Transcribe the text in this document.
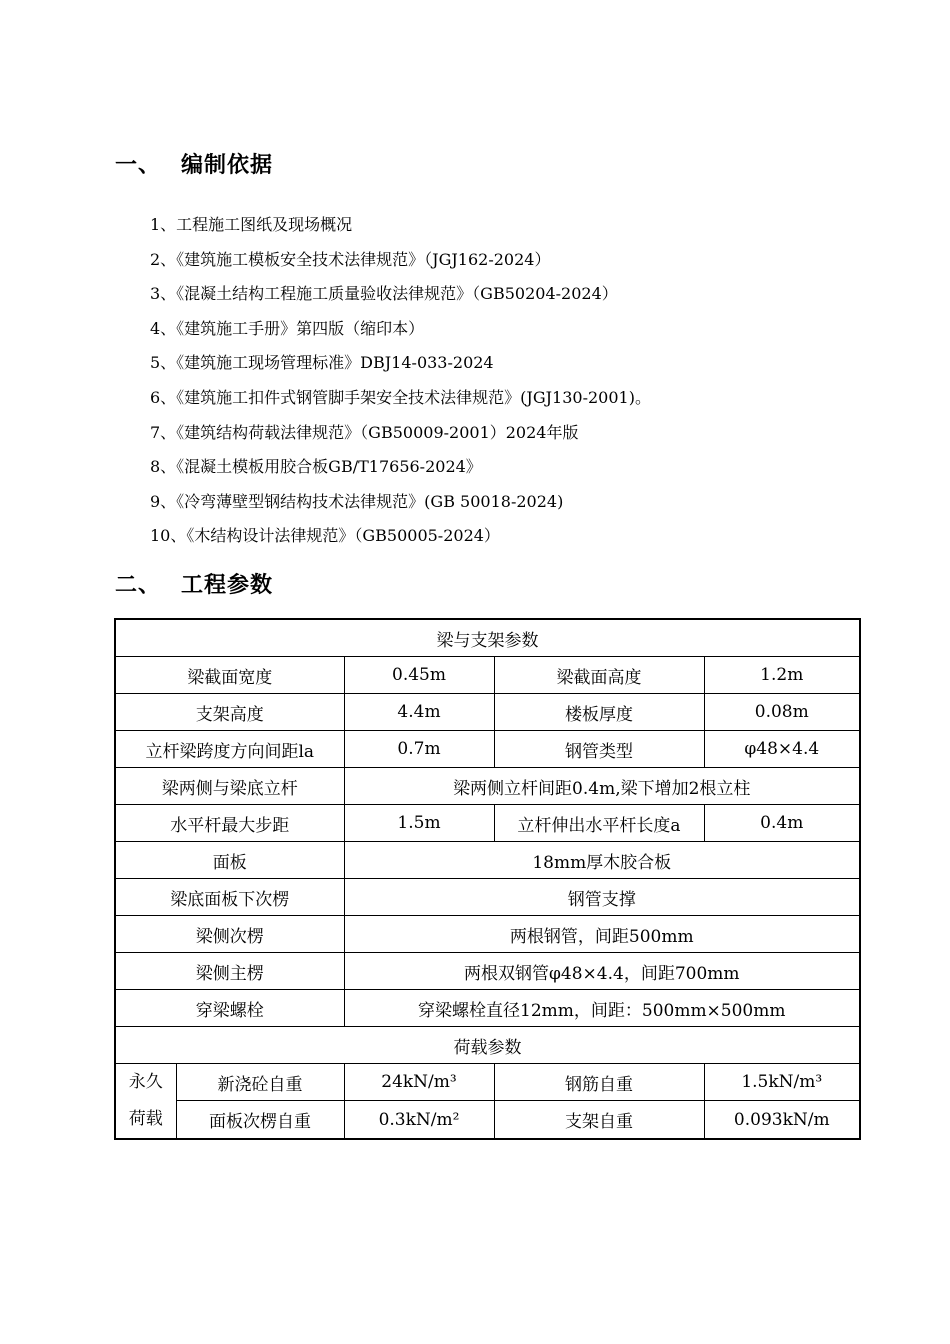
一、 编制依据
1、工程施工图纸及现场概况
2、《建筑施工模板安全技术法律规范》（JGJ162-2024）
3、《混凝土结构工程施工质量验收法律规范》（GB50204-2024）
4、《建筑施工手册》第四版（缩印本）
5、《建筑施工现场管理标准》DBJ14-033-2024
6、《建筑施工扣件式钢管脚手架安全技术法律规范》(JGJ130-2001)。
7、《建筑结构荷载法律规范》（GB50009-2001）2024年版
8、《混凝土模板用胶合板GB/T17656-2024》
9、《冷弯薄壁型钢结构技术法律规范》(GB 50018-2024)
10、《木结构设计法律规范》（GB50005-2024）
二、 工程参数
梁与支架参数				
梁截面宽度		0.45m	梁截面高度	1.2m
支架高度		4.4m	楼板厚度	0.08m
立杆梁跨度方向间距la		0.7m	钢管类型	φ48×4.4
梁两侧与梁底立杆		梁两侧立杆间距0.4m,梁下增加2根立柱		
水平杆最大步距		1.5m	立杆伸出水平杆长度a	0.4m
面板		18mm厚木胶合板		
梁底面板下次楞		钢管支撑		
梁侧次楞		两根钢管，间距500mm		
梁侧主楞		两根双钢管φ48×4.4，间距700mm		
穿梁螺栓		穿梁螺栓直径12mm，间距：500mm×500mm		
荷载参数				

永久
荷载	新浇砼自重	24kN/m³	钢筋自重	1.5kN/m³
	面板次楞自重	0.3kN/m²	支架自重	0.093kN/m
